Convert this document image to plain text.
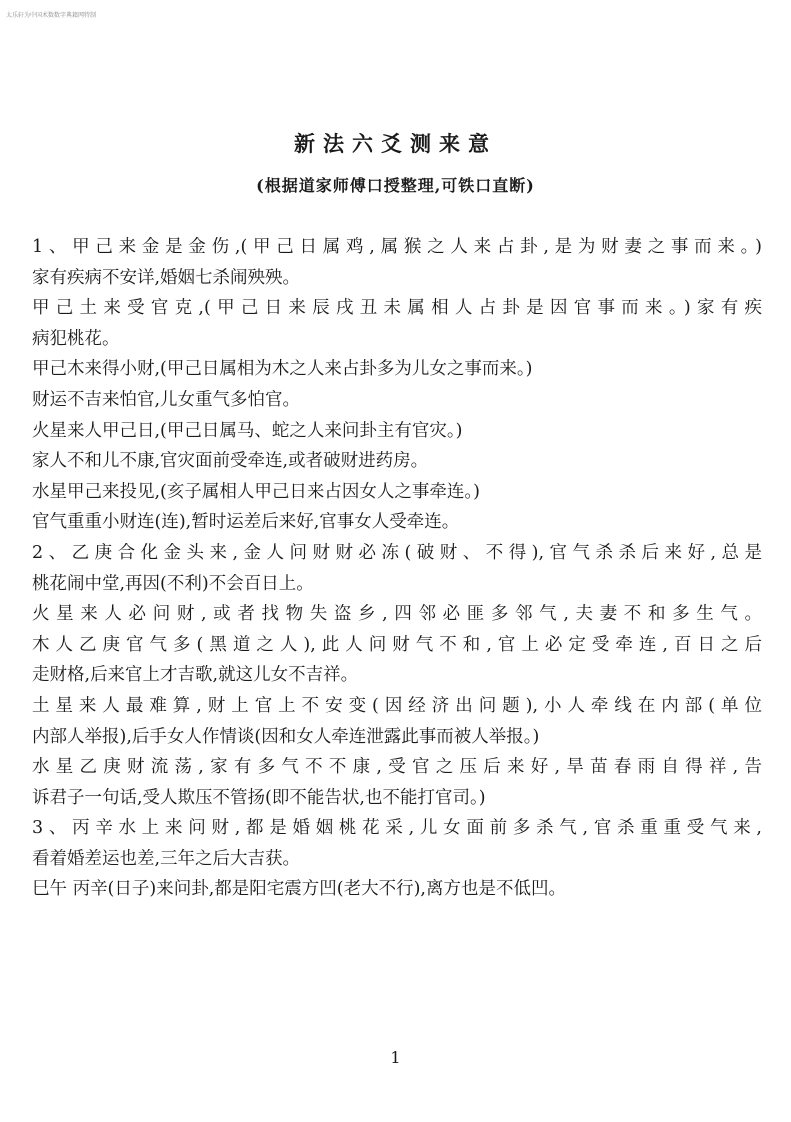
太乐轩为中国术数数字典籍网特制
新法六爻测来意
(根据道家师傅口授整理,可铁口直断)
1、甲己来金是金伤,(甲己日属鸡,属猴之人来占卦,是为财妻之事而来。)
家有疾病不安详,婚姻七杀闹殃殃。
甲己土来受官克,(甲己日来辰戌丑未属相人占卦是因官事而来。)家有疾
病犯桃花。
甲己木来得小财,(甲己日属相为木之人来占卦多为儿女之事而来。)
财运不吉来怕官,儿女重气多怕官。
火星来人甲己日,(甲己日属马、蛇之人来问卦主有官灾。)
家人不和儿不康,官灾面前受牵连,或者破财进药房。
水星甲己来投见,(亥子属相人甲己日来占因女人之事牵连。)
官气重重小财连(连),暂时运差后来好,官事女人受牵连。
2、乙庚合化金头来,金人问财财必冻(破财、不得),官气杀杀后来好,总是
桃花闹中堂,再因(不利)不会百日上。
火星来人必问财,或者找物失盗乡,四邻必匪多邻气,夫妻不和多生气。
木人乙庚官气多(黑道之人),此人问财气不和,官上必定受牵连,百日之后
走财格,后来官上才吉歌,就这儿女不吉祥。
土星来人最难算,财上官上不安变(因经济出问题),小人牵线在内部(单位
内部人举报),后手女人作情谈(因和女人牵连泄露此事而被人举报。)
水星乙庚财流荡,家有多气不不康,受官之压后来好,旱苗春雨自得祥,告
诉君子一句话,受人欺压不管扬(即不能告状,也不能打官司。)
3、丙辛水上来问财,都是婚姻桃花采,儿女面前多杀气,官杀重重受气来,
看着婚差运也差,三年之后大吉获。
巳午 丙辛(日子)来问卦,都是阳宅震方凹(老大不行),离方也是不低凹。
1
